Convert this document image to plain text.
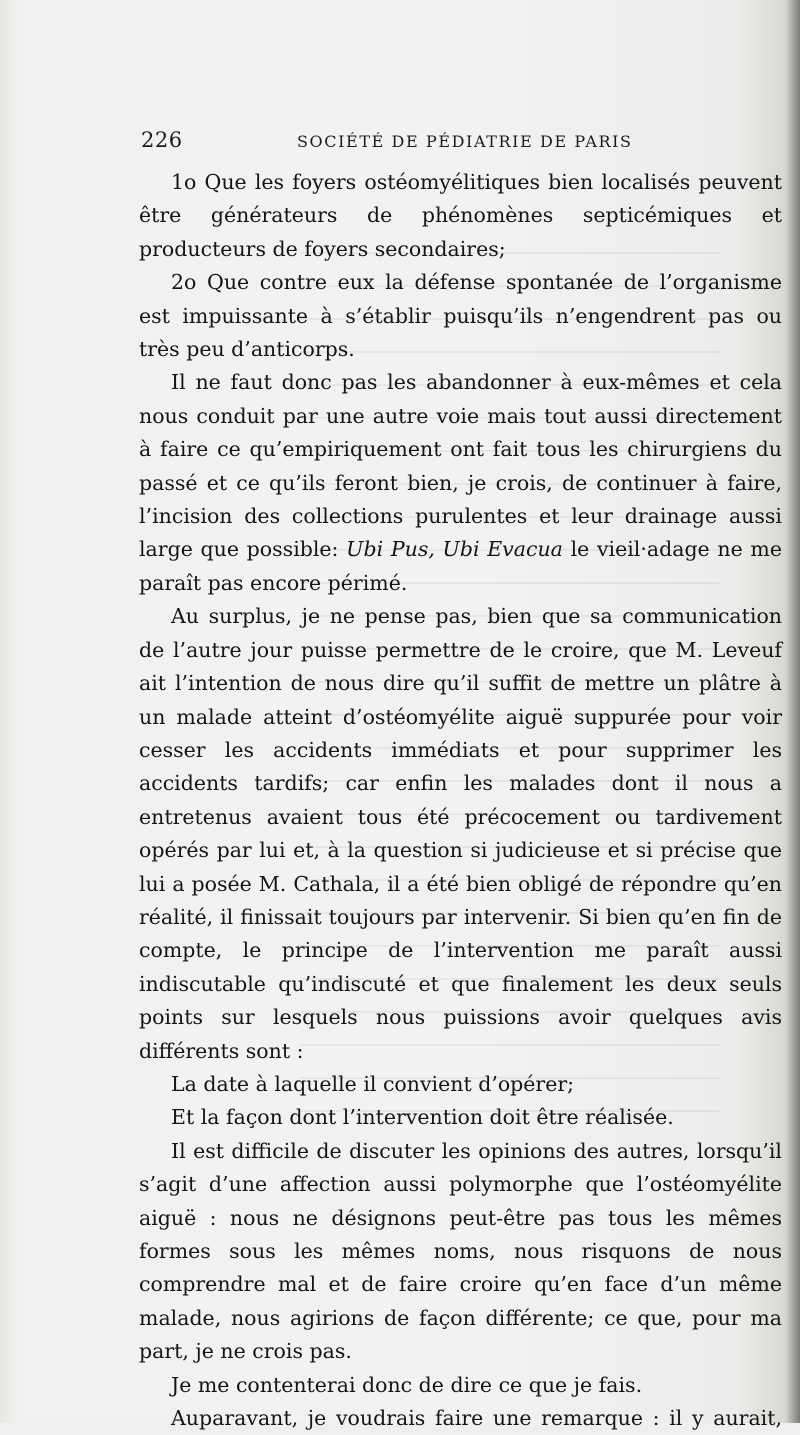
226	SOCIÉTÉ DE PÉDIATRIE DE PARIS

1o Que les foyers ostéomyélitiques bien localisés peuvent être générateurs de phénomènes septicémiques et producteurs de foyers secondaires;

2o Que contre eux la défense spontanée de l’organisme est impuissante à s’établir puisqu’ils n’engendrent pas ou très peu d’anticorps.

Il ne faut donc pas les abandonner à eux-mêmes et cela nous conduit par une autre voie mais tout aussi directement à faire ce qu’empiriquement ont fait tous les chirurgiens du passé et ce qu’ils feront bien, je crois, de continuer à faire, l’incision des collections purulentes et leur drainage aussi large que possible: Ubi Pus, Ubi Evacua le vieil·adage ne me paraît pas encore périmé.

Au surplus, je ne pense pas, bien que sa communication de l’autre jour puisse permettre de le croire, que M. Leveuf ait l’intention de nous dire qu’il suffit de mettre un plâtre à un malade atteint d’ostéomyélite aiguë suppurée pour voir cesser les accidents immédiats et pour supprimer les accidents tardifs; car enfin les malades dont il nous a entretenus avaient tous été précocement ou tardivement opérés par lui et, à la question si judicieuse et si précise que lui a posée M. Cathala, il a été bien obligé de répondre qu’en réalité, il finissait toujours par intervenir. Si bien qu’en fin de compte, le principe de l’intervention me paraît aussi indiscutable qu’indiscuté et que finalement les deux seuls points sur lesquels nous puissions avoir quelques avis différents sont :

La date à laquelle il convient d’opérer;

Et la façon dont l’intervention doit être réalisée.

Il est difficile de discuter les opinions des autres, lorsqu’il s’agit d’une affection aussi polymorphe que l’ostéomyélite aiguë : nous ne désignons peut-être pas tous les mêmes formes sous les mêmes noms, nous risquons de nous comprendre mal et de faire croire qu’en face d’un même malade, nous agirions de façon différente; ce que, pour ma part, je ne crois pas.

Je me contenterai donc de dire ce que je fais.

Auparavant, je voudrais faire une remarque : il y aurait,
